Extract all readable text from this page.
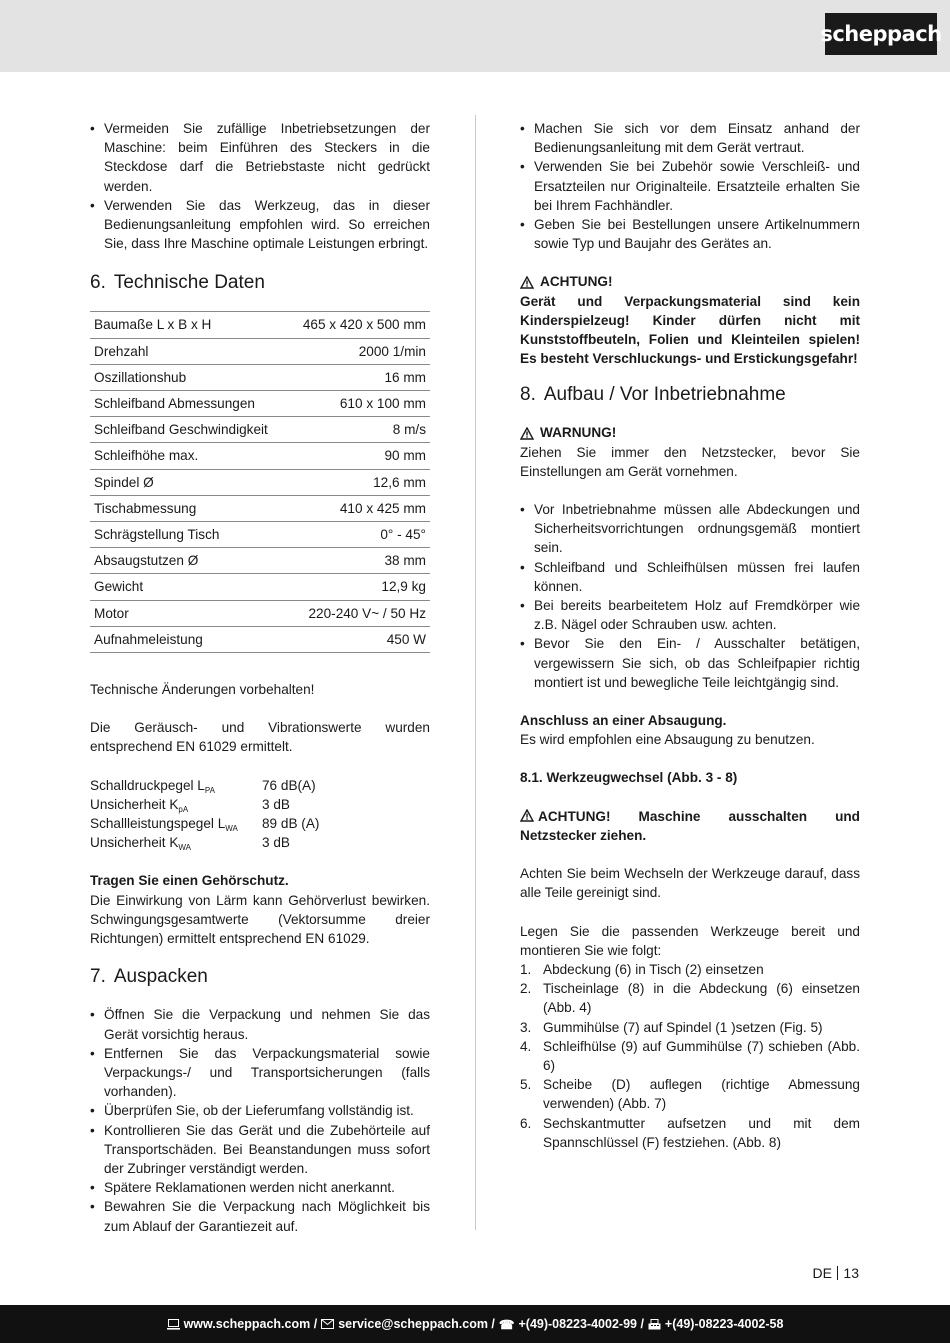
scheppach
• Vermeiden Sie zufällige Inbetriebsetzungen der Maschine: beim Einführen des Steckers in die Steckdose darf die Betriebstaste nicht gedrückt werden.
• Verwenden Sie das Werkzeug, das in dieser Bedienungsanleitung empfohlen wird. So erreichen Sie, dass Ihre Maschine optimale Leistungen erbringt.
6. Technische Daten
Baumaße L x B x H	465 x 420 x 500 mm
Drehzahl	2000 1/min
Oszillationshub	16 mm
Schleifband Abmessungen	610 x 100 mm
Schleifband Geschwindigkeit	8 m/s
Schleifhöhe max.	90 mm
Spindel Ø	12,6 mm
Tischabmessung	410 x 425 mm
Schrägstellung Tisch	0° - 45°
Absaugstutzen Ø	38 mm
Gewicht	12,9 kg
Motor	220-240 V~ / 50 Hz
Aufnahmeleistung	450 W

Technische Änderungen vorbehalten!

Die Geräusch- und Vibrationswerte wurden entsprechend EN 61029 ermittelt.

Schalldruckpegel $L_{PA}$	76 dB(A)
Unsicherheit $K_{pA}$	3 dB
Schallleistungspegel $L_{WA}$	89 dB (A)
Unsicherheit $K_{WA}$	3 dB

Tragen Sie einen Gehörschutz.

Die Einwirkung von Lärm kann Gehörverlust bewirken. Schwingungsgesamtwerte (Vektorsumme dreier Richtungen) ermittelt entsprechend EN 61029.

7. Auspacken
• Öffnen Sie die Verpackung und nehmen Sie das Gerät vorsichtig heraus.
• Entfernen Sie das Verpackungsmaterial sowie Verpackungs-/ und Transportsicherungen (falls vorhanden).
• Überprüfen Sie, ob der Lieferumfang vollständig ist.
• Kontrollieren Sie das Gerät und die Zubehörteile auf Transportschäden. Bei Beanstandungen muss sofort der Zubringer verständigt werden.
• Spätere Reklamationen werden nicht anerkannt.
• Bewahren Sie die Verpackung nach Möglichkeit bis zum Ablauf der Garantiezeit auf.
• Machen Sie sich vor dem Einsatz anhand der Bedienungsanleitung mit dem Gerät vertraut.
• Verwenden Sie bei Zubehör sowie Verschleiß- und Ersatzteilen nur Originalteile. Ersatzteile erhalten Sie bei Ihrem Fachhändler.
• Geben Sie bei Bestellungen unsere Artikelnummern sowie Typ und Baujahr des Gerätes an.
ACHTUNG!

Gerät und Verpackungsmaterial sind kein Kinderspielzeug! Kinder dürfen nicht mit Kunststoffbeuteln, Folien und Kleinteilen spielen! Es besteht Verschluckungs- und Erstickungsgefahr!

8. Aufbau / Vor Inbetriebnahme
WARNUNG!

Ziehen Sie immer den Netzstecker, bevor Sie Einstellungen am Gerät vornehmen.

• Vor Inbetriebnahme müssen alle Abdeckungen und Sicherheitsvorrichtungen ordnungsgemäß montiert sein.
• Schleifband und Schleifhülsen müssen frei laufen können.
• Bei bereits bearbeitetem Holz auf Fremdkörper wie z.B. Nägel oder Schrauben usw. achten.
• Bevor Sie den Ein- / Ausschalter betätigen, vergewissern Sie sich, ob das Schleifpapier richtig montiert ist und bewegliche Teile leichtgängig sind.

Anschluss an einer Absaugung.

Es wird empfohlen eine Absaugung zu benutzen.

8.1. Werkzeugwechsel (Abb. 3 - 8)

ACHTUNG! Maschine ausschalten und Netzstecker ziehen.

Achten Sie beim Wechseln der Werkzeuge darauf, dass alle Teile gereinigt sind.

Legen Sie die passenden Werkzeuge bereit und montieren Sie wie folgt:

1. Abdeckung (6) in Tisch (2) einsetzen
2. Tischeinlage (8) in die Abdeckung (6) einsetzen (Abb. 4)
3. Gummihülse (7) auf Spindel (1 )setzen (Fig. 5)
4. Schleifhülse (9) auf Gummihülse (7) schieben (Abb. 6)
5. Scheibe (D) auflegen (richtige Abmessung verwenden) (Abb. 7)
6. Sechskantmutter aufsetzen und mit dem Spannschlüssel (F) festziehen. (Abb. 8)
DE 13
www.scheppach.com / service@scheppach.com / ☎ +(49)-08223-4002-99 / +(49)-08223-4002-58
